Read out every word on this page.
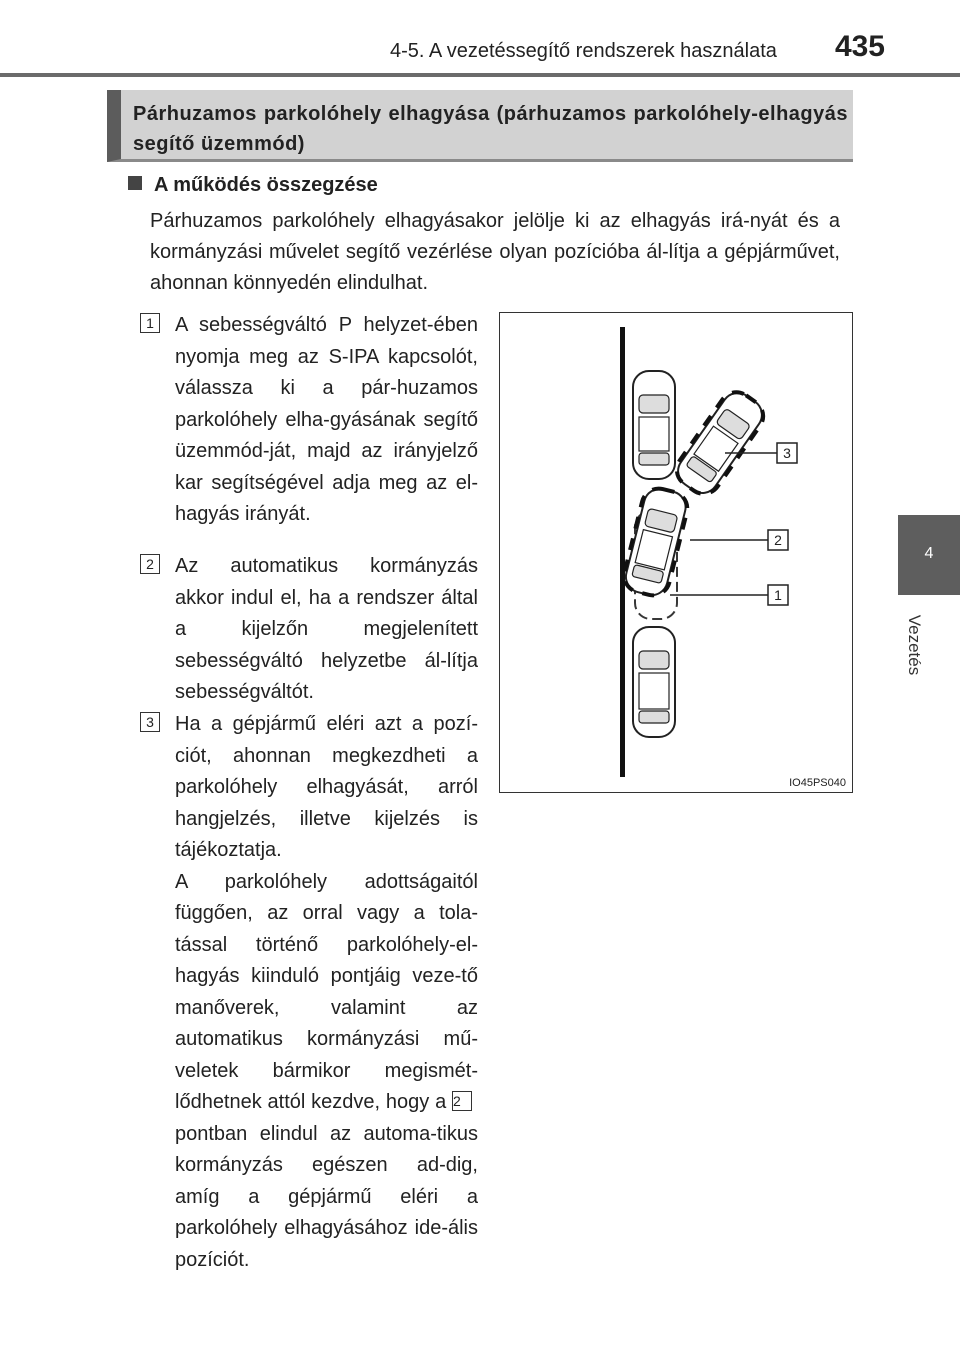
4-5. A vezetéssegítő rendszerek használata 435
4
Vezetés
Párhuzamos parkolóhely elhagyása (párhuzamos parkolóhely-elhagyás segítő üzemmód)
A működés összegzése
Párhuzamos parkolóhely elhagyásakor jelölje ki az elhagyás irá-nyát és a kormányzási művelet segítő vezérlése olyan pozícióba ál-lítja a gépjárművet, ahonnan könnyedén elindulhat.
1	A sebességváltó P helyzet-ében nyomja meg az S-IPA kapcsolót, válassza ki a pár-huzamos parkolóhely elha-gyásának segítő üzemmód-ját, majd az irányjelző kar segítségével adja meg az el-hagyás irányát.
2	Az automatikus kormányzás akkor indul el, ha a rendszer által a kijelzőn megjelenített sebességváltó helyzetbe ál-lítja sebességváltót.
3	Ha a gépjármű eléri azt a pozí-ciót, ahonnan megkezdheti a parkolóhely elhagyását, arról hangjelzés, illetve kijelzés is tájékoztatja.
A parkolóhely adottságaitól függően, az orral vagy a tola-tással történő parkolóhely-el-hagyás kiinduló pontjáig veze-tő manőverek, valamint az automatikus kormányzási mű-veletek bármikor megismét-lődhetnek attól kezdve, hogy a 2pontban elindul az automa-tikus kormányzás egészen ad-dig, amíg a gépjármű eléri a parkolóhely elhagyásához ide-ális pozíciót.
1
2
3
IO45PS040
